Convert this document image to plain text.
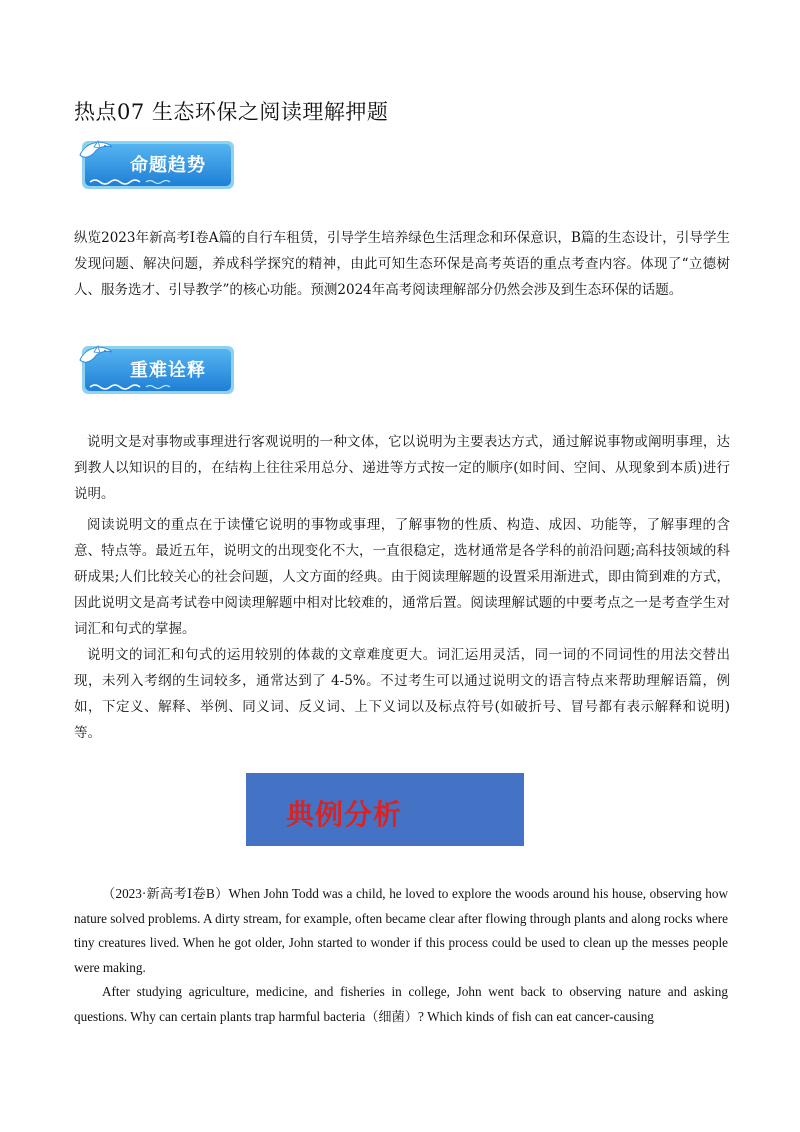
热点07 生态环保之阅读理解押题
命题趋势

纵览2023年新高考Ⅰ卷A篇的自行车租赁，引导学生培养绿色生活理念和环保意识，B篇的生态设计，引导学生发现问题、解决问题，养成科学探究的精神，由此可知生态环保是高考英语的重点考查内容。体现了“立德树人、服务选才、引导教学”的核心功能。预测2024年高考阅读理解部分仍然会涉及到生态环保的话题。

重难诠释

说明文是对事物或事理进行客观说明的一种文体，它以说明为主要表达方式，通过解说事物或阐明事理，达到教人以知识的目的，在结构上往往采用总分、递进等方式按一定的顺序(如时间、空间、从现象到本质)进行说明。

阅读说明文的重点在于读懂它说明的事物或事理，了解事物的性质、构造、成因、功能等，了解事理的含意、特点等。最近五年，说明文的出现变化不大，一直很稳定，选材通常是各学科的前沿问题;高科技领域的科研成果;人们比较关心的社会问题，人文方面的经典。由于阅读理解题的设置采用渐进式，即由简到难的方式，因此说明文是高考试卷中阅读理解题中相对比较难的，通常后置。阅读理解试题的中要考点之一是考查学生对词汇和句式的掌握。

说明文的词汇和句式的运用较别的体裁的文章难度更大。词汇运用灵活，同一词的不同词性的用法交替出现，未列入考纲的生词较多，通常达到了 4-5%。不过考生可以通过说明文的语言特点来帮助理解语篇，例如，下定义、解释、举例、同义词、反义词、上下义词以及标点符号(如破折号、冒号都有表示解释和说明)等。

典例分析

（2023·新高考Ⅰ卷B）When John Todd was a child, he loved to explore the woods around his house, observing how nature solved problems. A dirty stream, for example, often became clear after flowing through plants and along rocks where tiny creatures lived. When he got older, John started to wonder if this process could be used to clean up the messes people were making.

After studying agriculture, medicine, and fisheries in college, John went back to observing nature and asking questions. Why can certain plants trap harmful bacteria（细菌）? Which kinds of fish can eat cancer-causing
